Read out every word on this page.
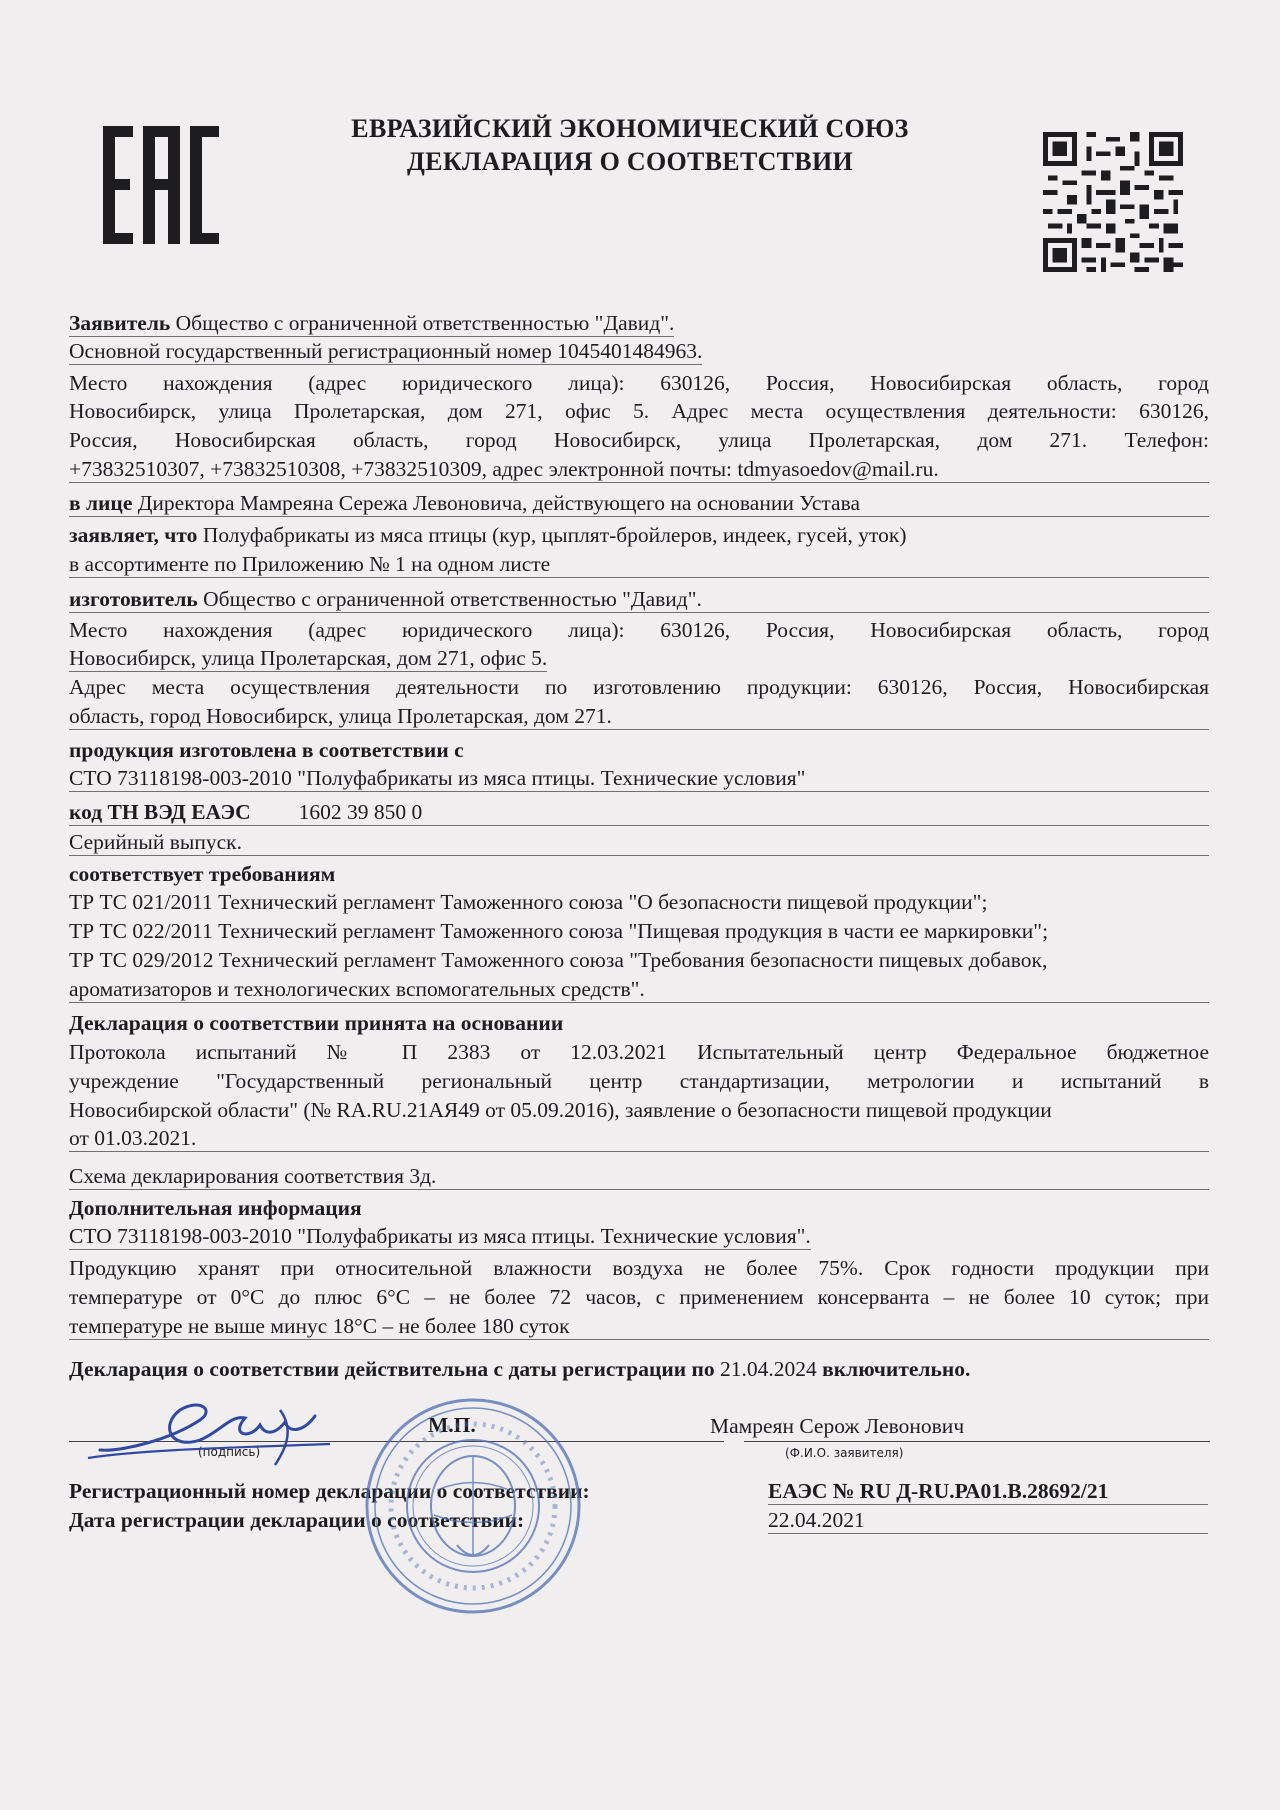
ЕВРАЗИЙСКИЙ ЭКОНОМИЧЕСКИЙ СОЮЗ
ДЕКЛАРАЦИЯ О СООТВЕТСТВИИ
Заявитель Общество с ограниченной ответственностью "Давид".
Основной государственный регистрационный номер 1045401484963.
Место нахождения (адрес юридического лица): 630126, Россия, Новосибирская область, город
Новосибирск, улица Пролетарская, дом 271, офис 5. Адрес места осуществления деятельности: 630126,
Россия, Новосибирская область, город Новосибирск, улица Пролетарская, дом 271. Телефон:
+73832510307, +73832510308, +73832510309, адрес электронной почты: tdmyasoedov@mail.ru.
в лице Директора Мамреяна Сережа Левоновича, действующего на основании Устава
заявляет, что Полуфабрикаты из мяса птицы (кур, цыплят-бройлеров, индеек, гусей, уток)
в ассортименте по Приложению № 1 на одном листе
изготовитель Общество с ограниченной ответственностью "Давид".
Место нахождения (адрес юридического лица): 630126, Россия, Новосибирская область, город
Новосибирск, улица Пролетарская, дом 271, офис 5.
Адрес места осуществления деятельности по изготовлению продукции: 630126, Россия, Новосибирская
область, город Новосибирск, улица Пролетарская, дом 271.
продукция изготовлена в соответствии с
СТО 73118198-003-2010 "Полуфабрикаты из мяса птицы. Технические условия"
код ТН ВЭД ЕАЭС 1602 39 850 0
Серийный выпуск.
соответствует требованиям
ТР ТС 021/2011 Технический регламент Таможенного союза "О безопасности пищевой продукции";
ТР ТС 022/2011 Технический регламент Таможенного союза "Пищевая продукция в части ее маркировки";
ТР ТС 029/2012 Технический регламент Таможенного союза "Требования безопасности пищевых добавок,
ароматизаторов и технологических вспомогательных средств".
Декларация о соответствии принята на основании
Протокола испытаний № П 2383 от 12.03.2021 Испытательный центр Федеральное бюджетное
учреждение "Государственный региональный центр стандартизации, метрологии и испытаний в
Новосибирской области" (№ RA.RU.21АЯ49 от 05.09.2016), заявление о безопасности пищевой продукции
от 01.03.2021.
Схема декларирования соответствия 3д.
Дополнительная информация
СТО 73118198-003-2010 "Полуфабрикаты из мяса птицы. Технические условия".
Продукцию хранят при относительной влажности воздуха не более 75%. Срок годности продукции при
температуре от 0°С до плюс 6°С – не более 72 часов, с применением консерванта – не более 10 суток; при
температуре не выше минус 18°С – не более 180 суток
Декларация о соответствии действительна с даты регистрации по 21.04.2024 включительно.
М.П.
(подпись)
Мамреян Серож Левонович
(Ф.И.О. заявителя)
Регистрационный номер декларации о соответствии:	ЕАЭС № RU Д-RU.РА01.В.28692/21
Дата регистрации декларации о соответствии:	22.04.2021
